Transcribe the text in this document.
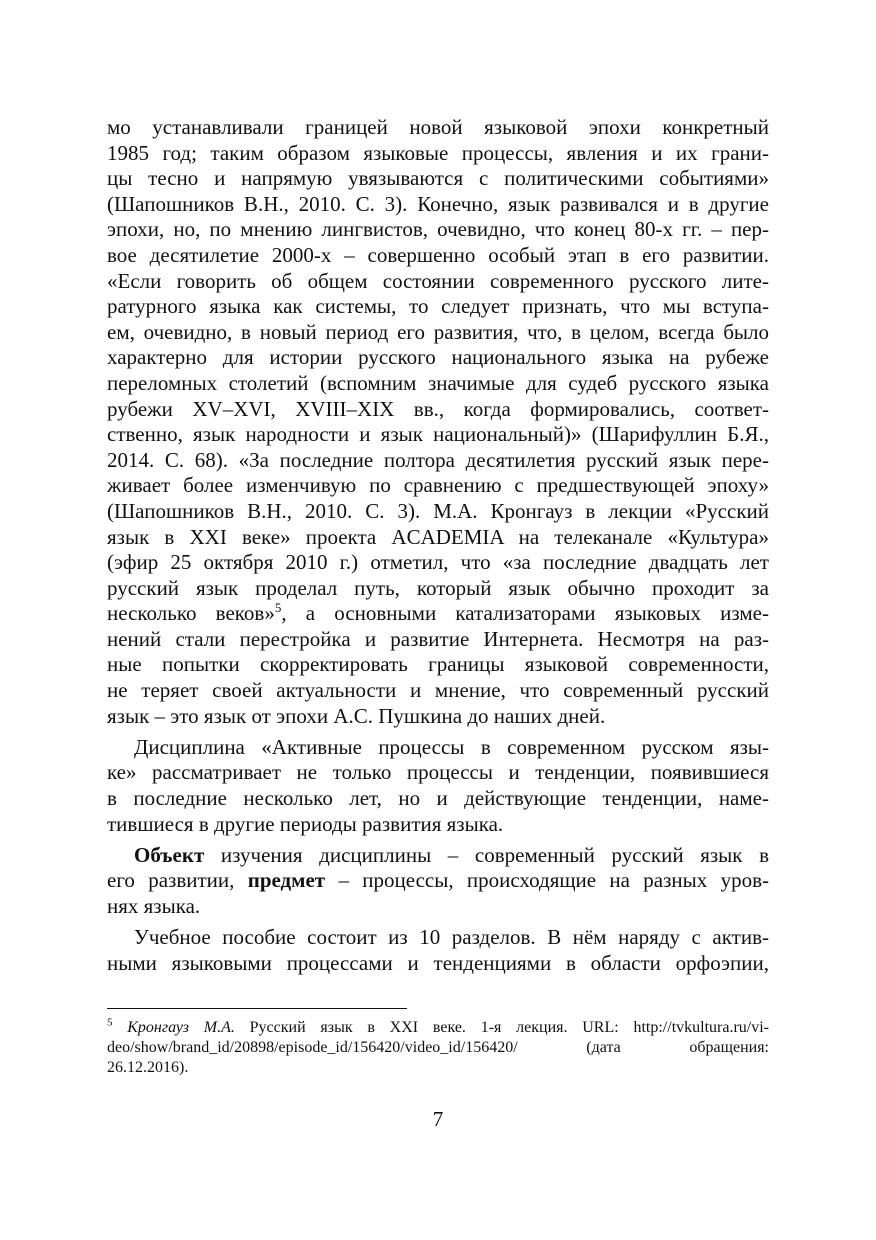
мо устанавливали границей новой языковой эпохи конкретный
1985 год; таким образом языковые процессы, явления и их грани-
цы тесно и напрямую увязываются с политическими событиями»
(Шапошников В.Н., 2010. С. 3). Конечно, язык развивался и в другие
эпохи, но, по мнению лингвистов, очевидно, что конец 80-х гг. – пер-
вое десятилетие 2000-х – совершенно особый этап в его развитии.
«Если говорить об общем состоянии современного русского лите-
ратурного языка как системы, то следует признать, что мы вступа-
ем, очевидно, в новый период его развития, что, в целом, всегда было
характерно для истории русского национального языка на рубеже
переломных столетий (вспомним значимые для судеб русского языка
рубежи XV–XVI, XVIII–XIX вв., когда формировались, соответ-
ственно, язык народности и язык национальный)» (Шарифуллин Б.Я.,
2014. С. 68). «За последние полтора десятилетия русский язык пере-
живает более изменчивую по сравнению с предшествующей эпоху»
(Шапошников В.Н., 2010. С. 3). М.А. Кронгауз в лекции «Русский
язык в XXI веке» проекта ACADEMIA на телеканале «Культура»
(эфир 25 октября 2010 г.) отметил, что «за последние двадцать лет
русский язык проделал путь, который язык обычно проходит за
несколько веков»$^5$, а основными катализаторами языковых изме-
нений стали перестройка и развитие Интернета. Несмотря на раз-
ные попытки скорректировать границы языковой современности,
не теряет своей актуальности и мнение, что современный русский
язык – это язык от эпохи А.С. Пушкина до наших дней.
Дисциплина «Активные процессы в современном русском язы-
ке» рассматривает не только процессы и тенденции, появившиеся
в последние несколько лет, но и действующие тенденции, наме-
тившиеся в другие периоды развития языка.
Объект изучения дисциплины – современный русский язык в
его развитии, предмет – процессы, происходящие на разных уров-
нях языка.
Учебное пособие состоит из 10 разделов. В нём наряду с актив-
ными языковыми процессами и тенденциями в области орфоэпии,
$^5$ Кронгауз М.А. Русский язык в XXI веке. 1-я лекция. URL: http://tvkultura.ru/vi-
deo/show/brand_id/20898/episode_id/156420/video_id/156420/ (дата обращения:
26.12.2016).
7
